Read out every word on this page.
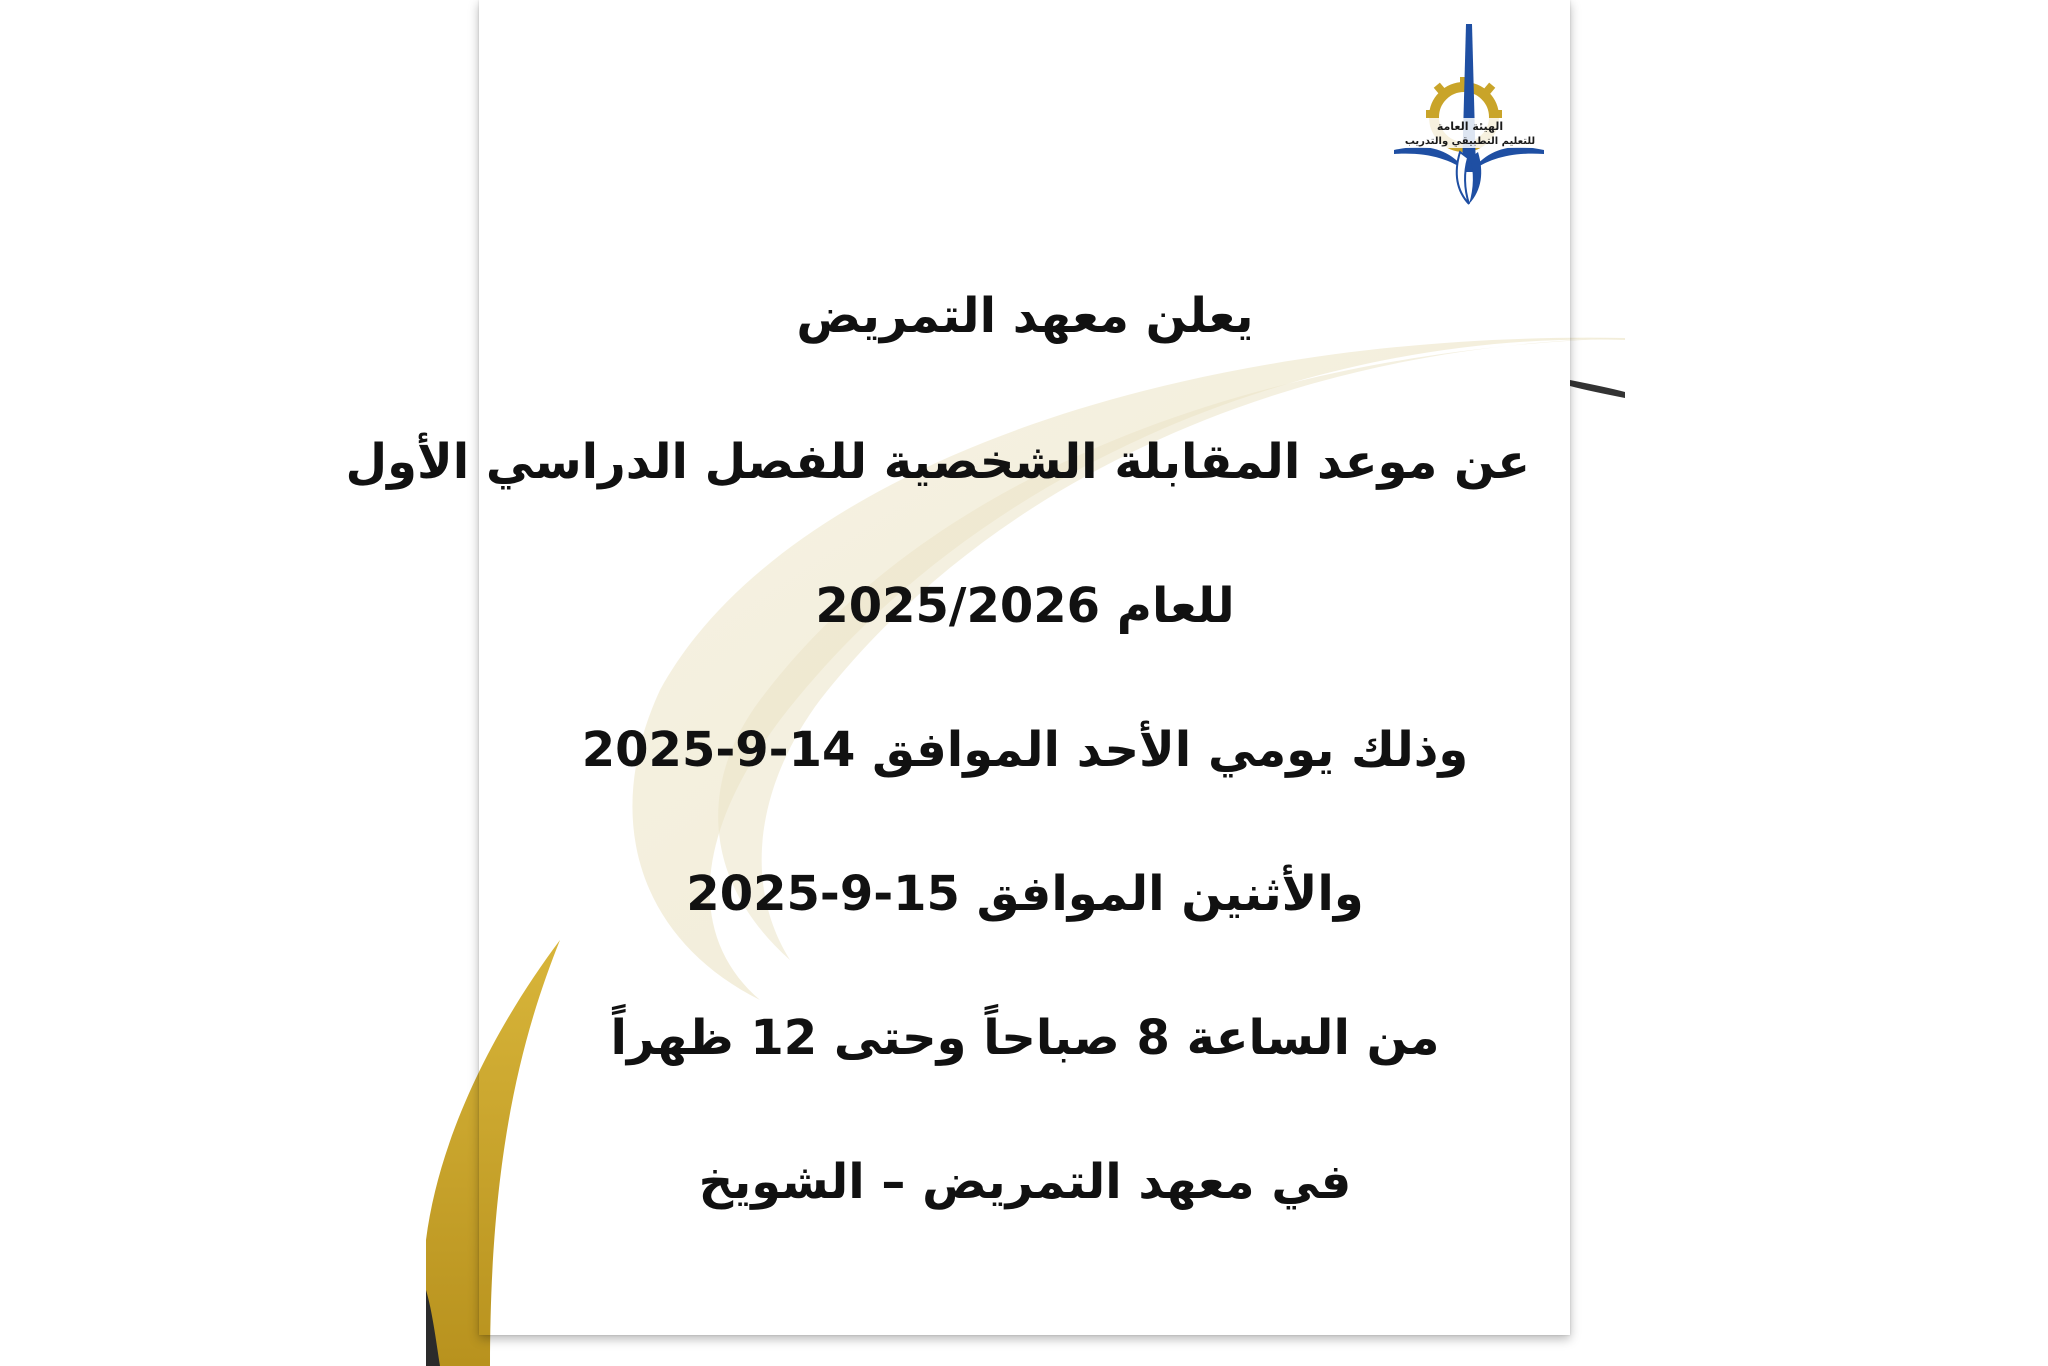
الهيئة العامة
للتعليم التطبيقي والتدريب
يعلن معهد التمريض
عن موعد المقابلة الشخصية للفصل الدراسي الأول
للعام 2025/2026
وذلك يومي الأحد الموافق 14-9-2025
والأثنين الموافق 15-9-2025
من الساعة 8 صباحاً وحتى 12 ظهراً
في معهد التمريض – الشويخ
